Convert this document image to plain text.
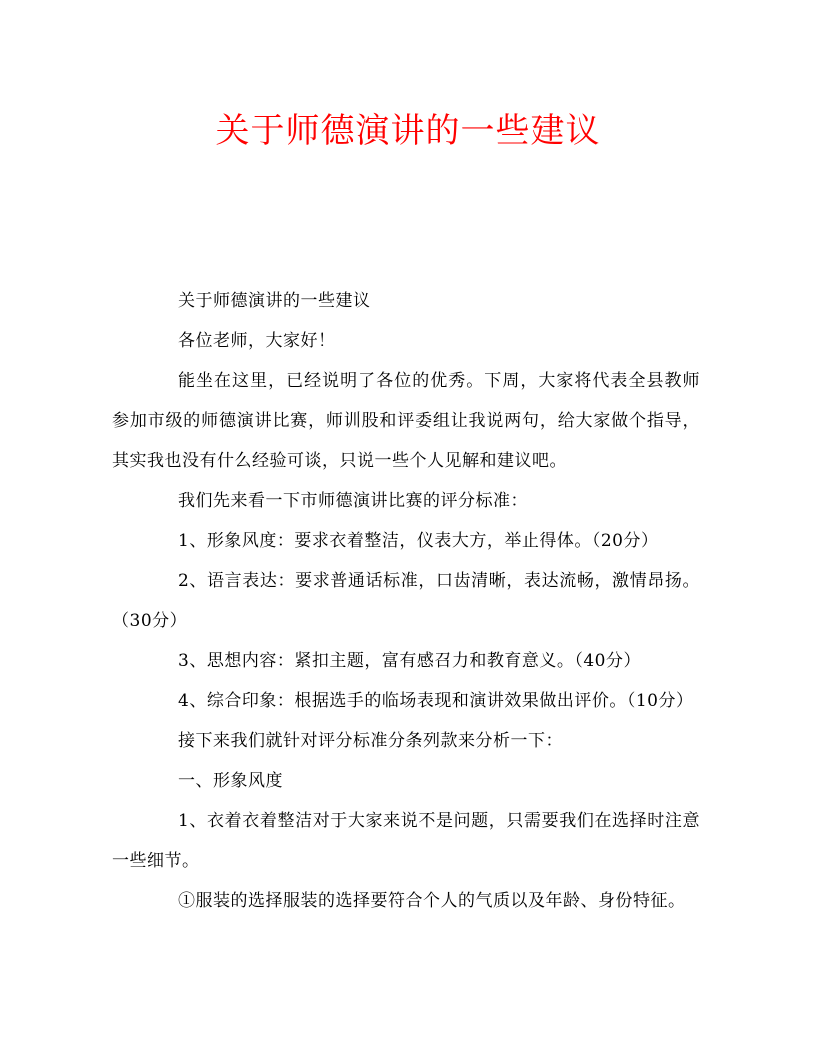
关于师德演讲的一些建议

关于师德演讲的一些建议

各位老师，大家好！

能坐在这里，已经说明了各位的优秀。下周，大家将代表全县教师参加市级的师德演讲比赛，师训股和评委组让我说两句，给大家做个指导，其实我也没有什么经验可谈，只说一些个人见解和建议吧。

我们先来看一下市师德演讲比赛的评分标准：

1、形象风度：要求衣着整洁，仪表大方，举止得体。（20分）

2、语言表达：要求普通话标准，口齿清晰，表达流畅，激情昂扬。（30分）

3、思想内容：紧扣主题，富有感召力和教育意义。（40分）

4、综合印象：根据选手的临场表现和演讲效果做出评价。（10分）

接下来我们就针对评分标准分条列款来分析一下：

一、形象风度

1、衣着衣着整洁对于大家来说不是问题，只需要我们在选择时注意一些细节。

①服装的选择服装的选择要符合个人的气质以及年龄、身份特征。
